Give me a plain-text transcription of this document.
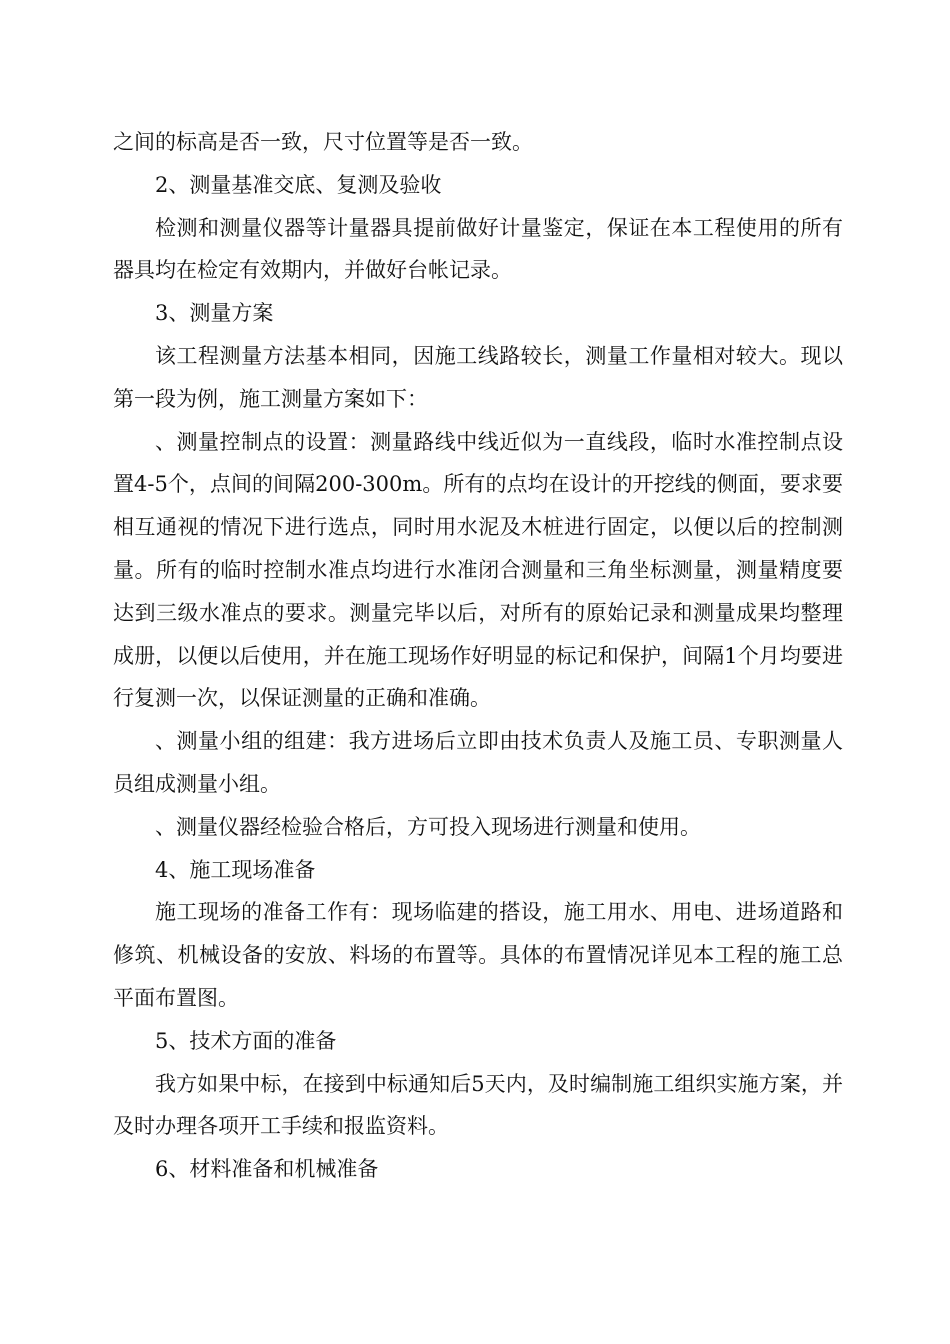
之间的标高是否一致，尺寸位置等是否一致。

2、测量基准交底、复测及验收

检测和测量仪器等计量器具提前做好计量鉴定，保证在本工程使用的所有器具均在检定有效期内，并做好台帐记录。

3、测量方案

该工程测量方法基本相同，因施工线路较长，测量工作量相对较大。现以第一段为例，施工测量方案如下：

、测量控制点的设置：测量路线中线近似为一直线段，临时水准控制点设置4-5个，点间的间隔200-300m。所有的点均在设计的开挖线的侧面，要求要相互通视的情况下进行选点，同时用水泥及木桩进行固定，以便以后的控制测量。所有的临时控制水准点均进行水准闭合测量和三角坐标测量，测量精度要达到三级水准点的要求。测量完毕以后，对所有的原始记录和测量成果均整理成册，以便以后使用，并在施工现场作好明显的标记和保护，间隔1个月均要进行复测一次，以保证测量的正确和准确。

、测量小组的组建：我方进场后立即由技术负责人及施工员、专职测量人员组成测量小组。

、测量仪器经检验合格后，方可投入现场进行测量和使用。

4、施工现场准备

施工现场的准备工作有：现场临建的搭设，施工用水、用电、进场道路和修筑、机械设备的安放、料场的布置等。具体的布置情况详见本工程的施工总平面布置图。

5、技术方面的准备

我方如果中标，在接到中标通知后5天内，及时编制施工组织实施方案，并及时办理各项开工手续和报监资料。

6、材料准备和机械准备
